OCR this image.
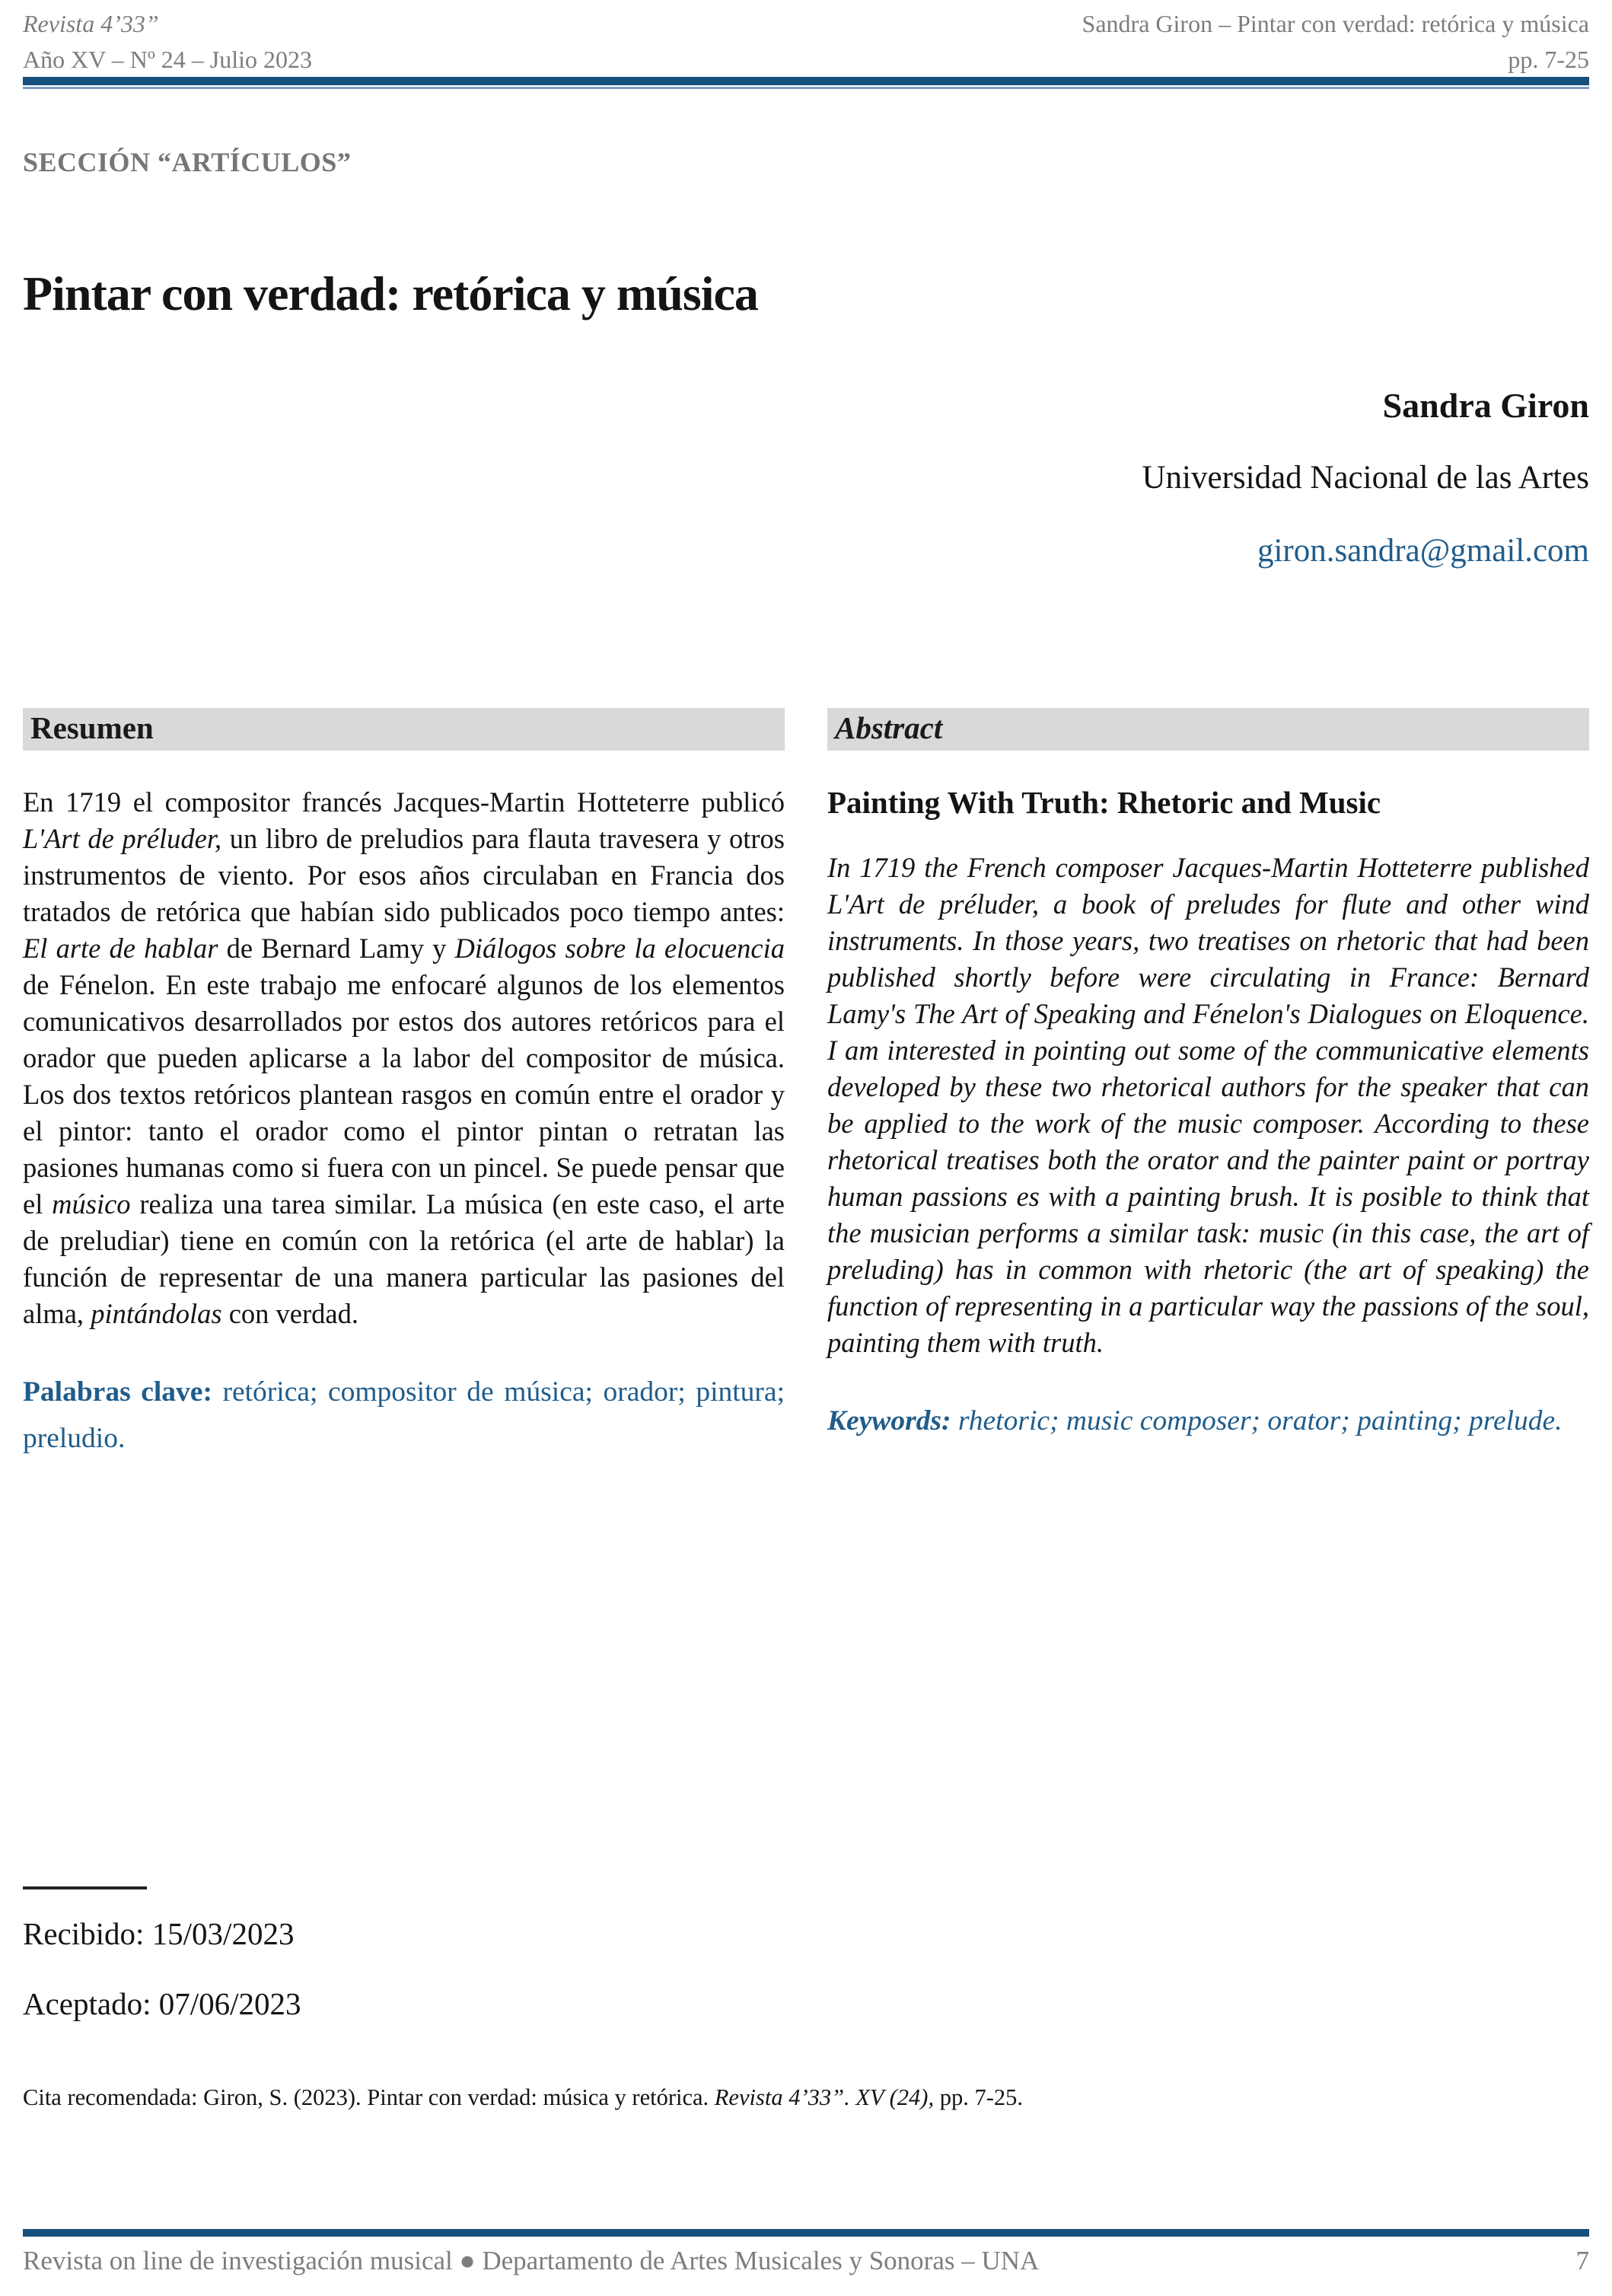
Revista 4’33”
Año XV – Nº 24 – Julio 2023
Sandra Giron – Pintar con verdad: retórica y música
pp. 7-25
SECCIÓN “ARTÍCULOS”
Pintar con verdad: retórica y música
Sandra Giron
Universidad Nacional de las Artes
giron.sandra@gmail.com
Resumen

En 1719 el compositor francés Jacques-Martin Hotteterre publicó L'Art de préluder, un libro de preludios para flauta travesera y otros instrumentos de viento. Por esos años circulaban en Francia dos tratados de retórica que habían sido publicados poco tiempo antes: El arte de hablar de Bernard Lamy y Diálogos sobre la elocuencia de Fénelon. En este trabajo me enfocaré algunos de los elementos comunicativos desarrollados por estos dos autores retóricos para el orador que pueden aplicarse a la labor del compositor de música. Los dos textos retóricos plantean rasgos en común entre el orador y el pintor: tanto el orador como el pintor pintan o retratan las pasiones humanas como si fuera con un pincel. Se puede pensar que el músico realiza una tarea similar. La música (en este caso, el arte de preludiar) tiene en común con la retórica (el arte de hablar) la función de representar de una manera particular las pasiones del alma, pintándolas con verdad.

Palabras clave: retórica; compositor de música; orador; pintura; preludio.

Abstract
Painting With Truth: Rhetoric and Music

In 1719 the French composer Jacques-Martin Hotteterre published L'Art de préluder, a book of preludes for flute and other wind instruments. In those years, two treatises on rhetoric that had been published shortly before were circulating in France: Bernard Lamy's The Art of Speaking and Fénelon's Dialogues on Eloquence. I am interested in pointing out some of the communicative elements developed by these two rhetorical authors for the speaker that can be applied to the work of the music composer. According to these rhetorical treatises both the orator and the painter paint or portray human passions es with a painting brush. It is posible to think that the musician performs a similar task: music (in this case, the art of preluding) has in common with rhetoric (the art of speaking) the function of representing in a particular way the passions of the soul, painting them with truth.

Keywords: rhetoric; music composer; orator; painting; prelude.

Recibido: 15/03/2023
Aceptado: 07/06/2023
Cita recomendada: Giron, S. (2023). Pintar con verdad: música y retórica. Revista 4’33”. XV (24), pp. 7-25.
Revista on line de investigación musical ● Departamento de Artes Musicales y Sonoras – UNA	7
